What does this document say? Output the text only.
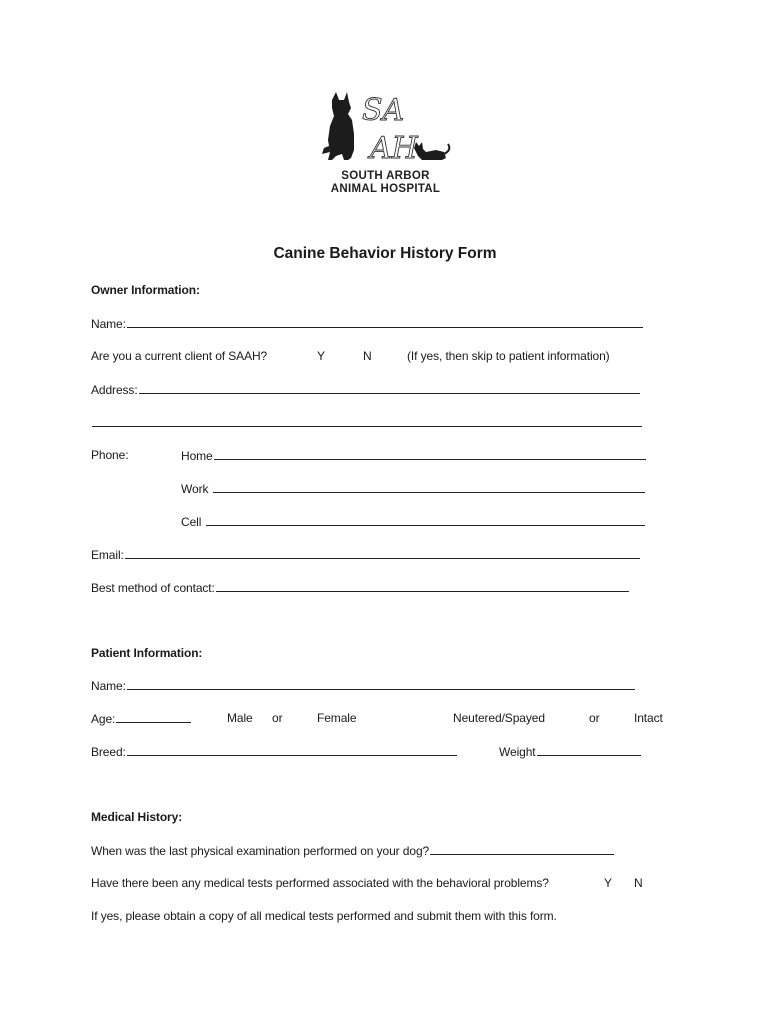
SA
AH
SOUTH ARBOR
ANIMAL HOSPITAL
Canine Behavior History Form
Owner Information:
Name:
Are you a current client of SAAH?	Y	N	(If yes, then skip to patient information)
Address:
Phone:	Home
Work
Cell
Email:
Best method of contact:
Patient Information:
Name:
Age:	Male or	Female	Neutered/Spayed	or	Intact
Breed:	Weight
Medical History:
When was the last physical examination performed on your dog?
Have there been any medical tests performed associated with the behavioral problems?	Y N
If yes, please obtain a copy of all medical tests performed and submit them with this form.
